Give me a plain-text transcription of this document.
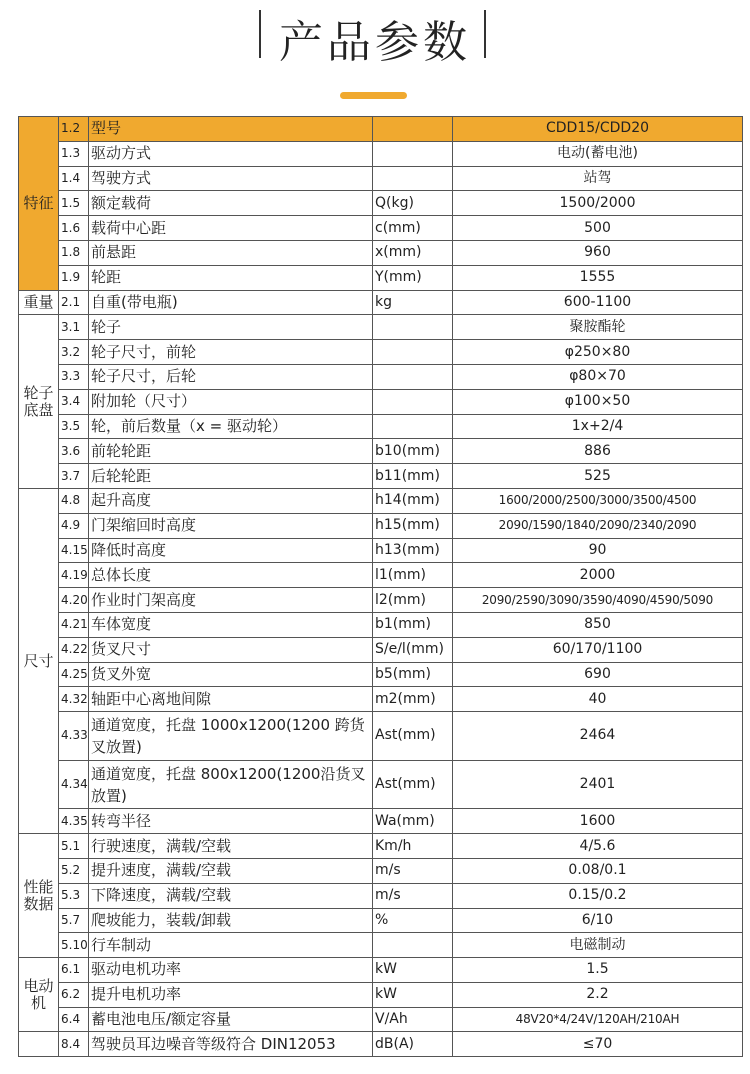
产品参数
特征	1.2	型号		CDD15/CDD20
	1.3	驱动方式		电动(蓄电池)
	1.4	驾驶方式		站驾
	1.5	额定载荷	Q(kg)	1500/2000
	1.6	载荷中心距	c(mm)	500
	1.8	前悬距	x(mm)	960
	1.9	轮距	Y(mm)	1555
重量	2.1	自重(带电瓶)	kg	600-1100
轮子底盘	3.1	轮子		聚胺酯轮
	3.2	轮子尺寸，前轮		φ250×80
	3.3	轮子尺寸，后轮		φ80×70
	3.4	附加轮（尺寸）		φ100×50
	3.5	轮，前后数量（x = 驱动轮）		1x+2/4
	3.6	前轮轮距	b10(mm)	886
	3.7	后轮轮距	b11(mm)	525
尺寸	4.8	起升高度	h14(mm)	1600/2000/2500/3000/3500/4500
	4.9	门架缩回时高度	h15(mm)	2090/1590/1840/2090/2340/2090
	4.15	降低时高度	h13(mm)	90
	4.19	总体长度	l1(mm)	2000
	4.20	作业时门架高度	l2(mm)	2090/2590/3090/3590/4090/4590/5090
	4.21	车体宽度	b1(mm)	850
	4.22	货叉尺寸	S/e/l(mm)	60/170/1100
	4.25	货叉外宽	b5(mm)	690
	4.32	轴距中心离地间隙	m2(mm)	40
	4.33	通道宽度，托盘 1000x1200(1200 跨货叉放置)	Ast(mm)	2464
	4.34	通道宽度，托盘 800x1200(1200沿货叉放置)	Ast(mm)	2401
	4.35	转弯半径	Wa(mm)	1600
性能数据	5.1	行驶速度，满载/空载	Km/h	4/5.6
	5.2	提升速度，满载/空载	m/s	0.08/0.1
	5.3	下降速度，满载/空载	m/s	0.15/0.2
	5.7	爬坡能力，装载/卸载	%	6/10
	5.10	行车制动		电磁制动
电动机	6.1	驱动电机功率	kW	1.5
	6.2	提升电机功率	kW	2.2
	6.4	蓄电池电压/额定容量	V/Ah	48V20*4/24V/120AH/210AH
	8.4	驾驶员耳边噪音等级符合 DIN12053	dB(A)	≤70
